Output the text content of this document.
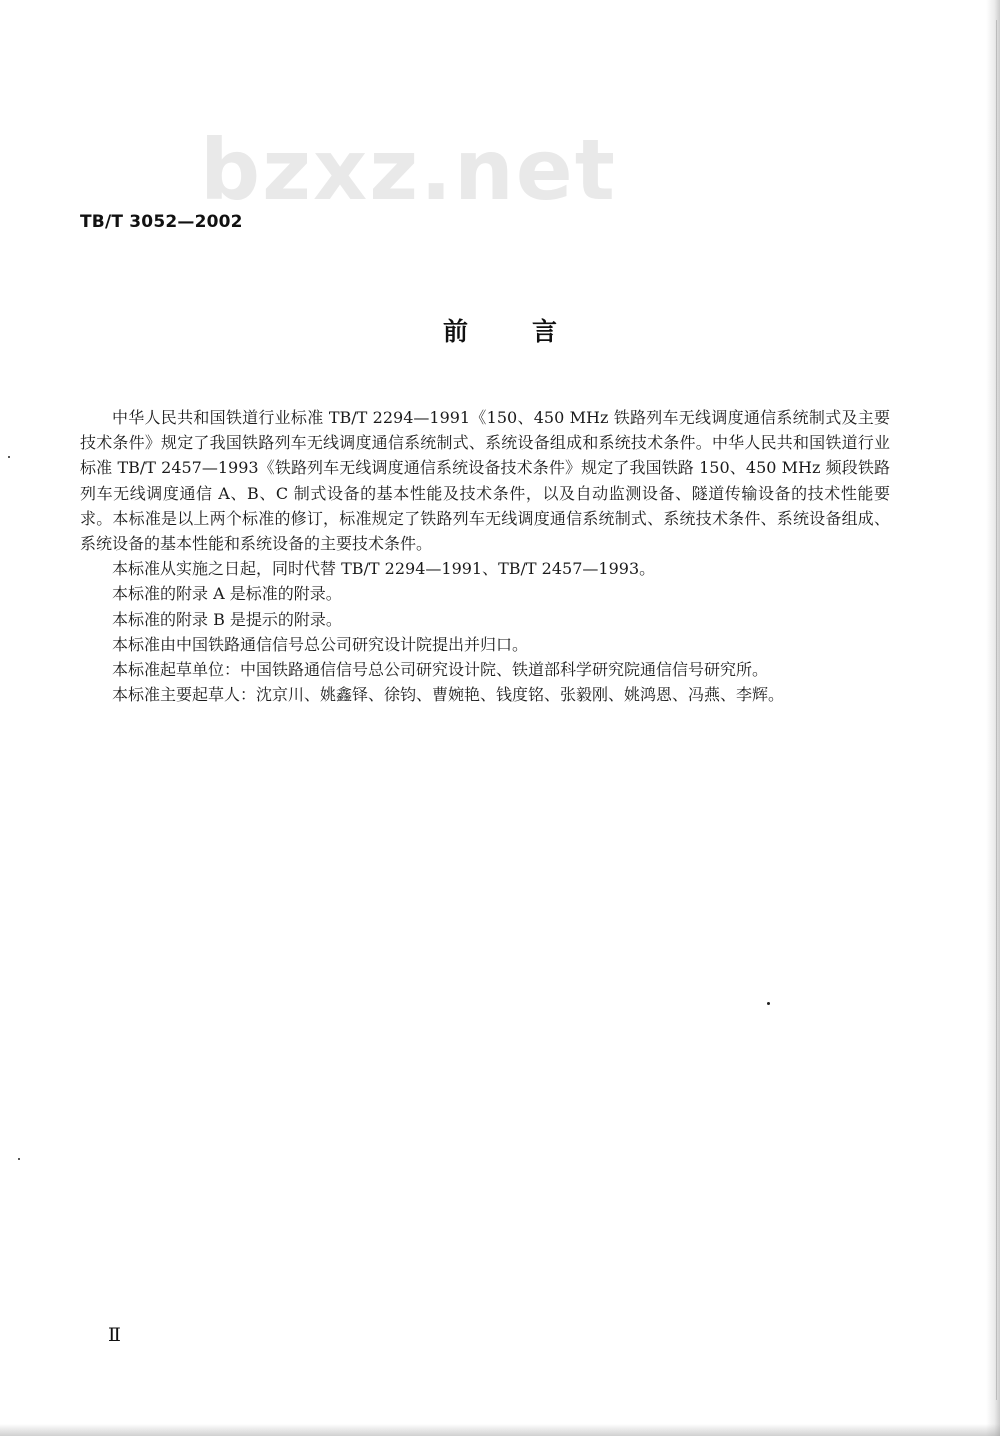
bzxz.net
TB/T 3052—2002
前言

中华人民共和国铁道行业标准 TB/T 2294—1991《150、450 MHz 铁路列车无线调度通信系统制式及主要技术条件》规定了我国铁路列车无线调度通信系统制式、系统设备组成和系统技术条件。中华人民共和国铁道行业标准 TB/T 2457—1993《铁路列车无线调度通信系统设备技术条件》规定了我国铁路 150、450 MHz 频段铁路列车无线调度通信 A、B、C 制式设备的基本性能及技术条件，以及自动监测设备、隧道传输设备的技术性能要求。本标准是以上两个标准的修订，标准规定了铁路列车无线调度通信系统制式、系统技术条件、系统设备组成、系统设备的基本性能和系统设备的主要技术条件。

本标准从实施之日起，同时代替 TB/T 2294—1991、TB/T 2457—1993。

本标准的附录 A 是标准的附录。

本标准的附录 B 是提示的附录。

本标准由中国铁路通信信号总公司研究设计院提出并归口。

本标准起草单位：中国铁路通信信号总公司研究设计院、铁道部科学研究院通信信号研究所。

本标准主要起草人：沈京川、姚鑫铎、徐钧、曹婉艳、钱度铭、张毅刚、姚鸿恩、冯燕、李辉。

Ⅱ
